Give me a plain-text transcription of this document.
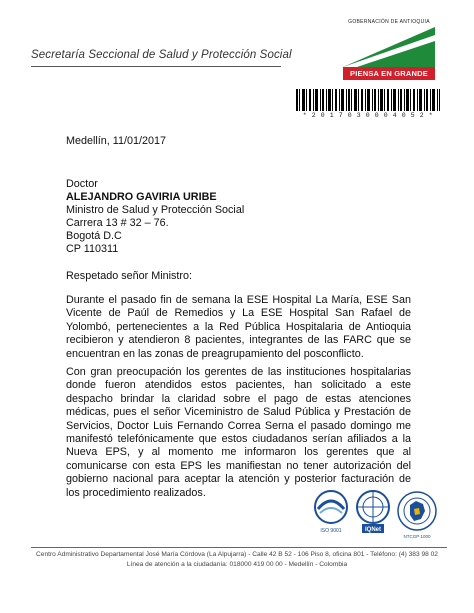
Secretaría Seccional de Salud y Protección Social
GOBERNACIÓN DE ANTIOQUIA
PIENSA EN GRANDE
* 2 0 1 7 0 3 0 0 0 4 0 5 2 *
Medellín, 11/01/2017
Doctor
ALEJANDRO GAVIRIA URIBE
Ministro de Salud y Protección Social
Carrera 13 # 32 – 76.
Bogotá D.C
CP 110311
Respetado señor Ministro:
Durante el pasado fin de semana la ESE Hospital La María, ESE San Vicente de Paúl de Remedios y La ESE Hospital San Rafael de Yolombó, pertenecientes a la Red Pública Hospitalaria de Antioquia recibieron y atendieron 8 pacientes, integrantes de las FARC que se encuentran en las zonas de preagrupamiento del posconflicto.
Con gran preocupación los gerentes de las instituciones hospitalarias donde fueron atendidos estos pacientes, han solicitado a este despacho brindar la claridad sobre el pago de estas atenciones médicas, pues el señor Viceministro de Salud Pública y Prestación de Servicios, Doctor Luis Fernando Correa Serna el pasado domingo me manifestó telefónicamente que estos ciudadanos serían afiliados a la Nueva EPS, y al momento me informaron los gerentes que al comunicarse con esta EPS les manifiestan no tener autorización del gobierno nacional para aceptar la atención y posterior facturación de los procedimiento realizados.
ISO 9001	IQNet
NTCGP 1000
Centro Administrativo Departamental José María Córdova (La Alpujarra) - Calle 42 B 52 - 106 Piso 8, oficina 801 - Teléfono: (4) 383 98 02
Línea de atención a la ciudadanía: 018000 419 00 00 - Medellín - Colombia
